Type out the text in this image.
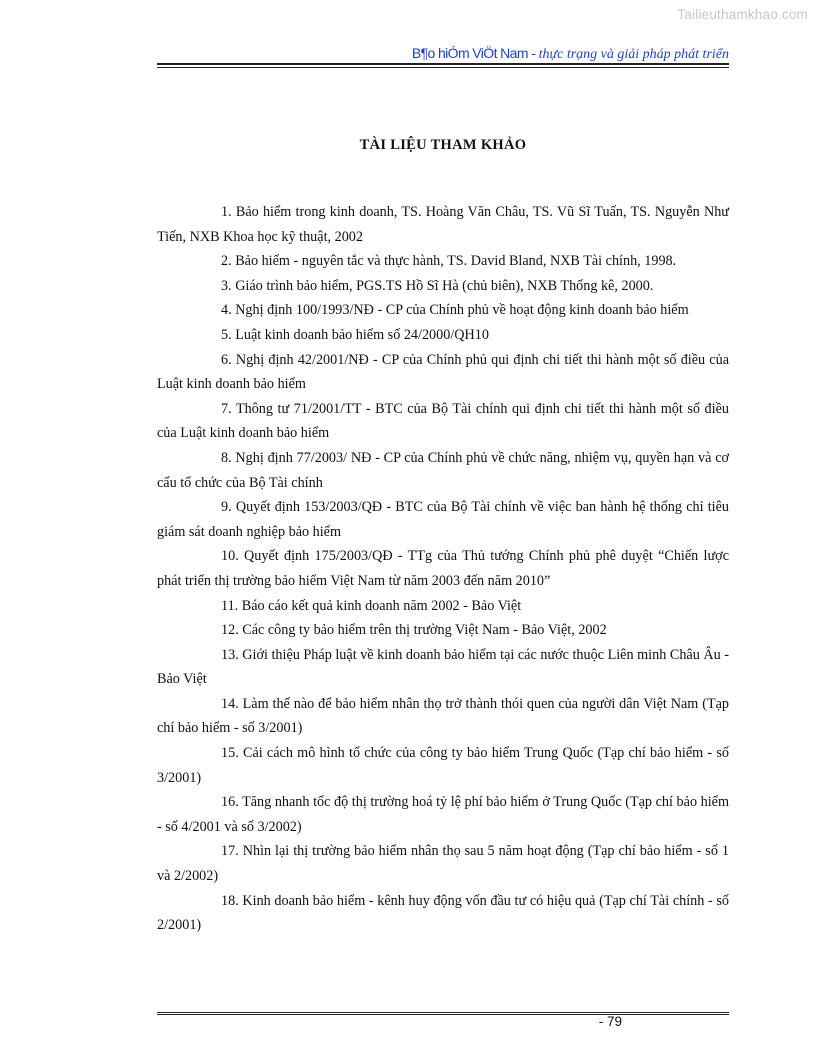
Tailieuthamkhao.com
B¶o hiÓm ViÖt Nam - thực trạng và giải pháp phát triển
TÀI LIỆU THAM KHẢO
1. Bảo hiểm trong kinh doanh, TS. Hoàng Văn Châu, TS. Vũ Sĩ Tuấn, TS. Nguyễn Như Tiến, NXB Khoa học kỹ thuật, 2002
2. Bảo hiểm - nguyên tắc và thực hành, TS. David Bland, NXB Tài chính, 1998.
3. Giáo trình bảo hiểm, PGS.TS Hồ Sĩ Hà (chủ biên), NXB Thống kê, 2000.
4. Nghị định 100/1993/NĐ - CP của Chính phủ về hoạt động kinh doanh bảo hiểm
5. Luật kinh doanh bảo hiểm số 24/2000/QH10
6. Nghị định 42/2001/NĐ - CP của Chính phủ qui định chi tiết thi hành một số điều của Luật kinh doanh bảo hiểm
7. Thông tư 71/2001/TT - BTC của Bộ Tài chính qui định chi tiết thi hành một số điều của Luật kinh doanh bảo hiểm
8. Nghị định 77/2003/ NĐ - CP của Chính phủ về chức năng, nhiệm vụ, quyền hạn và cơ cấu tổ chức của Bộ Tài chính
9. Quyết định 153/2003/QĐ - BTC của Bộ Tài chính về việc ban hành hệ thống chỉ tiêu giám sát doanh nghiệp bảo hiểm
10. Quyết định 175/2003/QĐ - TTg của Thủ tướng Chính phủ phê duyệt “Chiến lược phát triển thị trường bảo hiểm Việt Nam từ năm 2003 đến năm 2010”
11. Báo cáo kết quả kinh doanh năm 2002 - Bảo Việt
12. Các công ty bảo hiểm trên thị trường Việt Nam - Bảo Việt, 2002
13. Giới thiệu Pháp luật về kinh doanh bảo hiểm tại các nước thuộc Liên minh Châu Âu - Bảo Việt
14. Làm thế nào để bảo hiểm nhân thọ trở thành thói quen của người dân Việt Nam (Tạp chí bảo hiểm - số 3/2001)
15. Cải cách mô hình tổ chức của công ty bảo hiểm Trung Quốc (Tạp chí bảo hiểm - số 3/2001)
16. Tăng nhanh tốc độ thị trường hoá tỷ lệ phí bảo hiểm ở Trung Quốc (Tạp chí bảo hiểm - số 4/2001 và số 3/2002)
17. Nhìn lại thị trường bảo hiểm nhân thọ sau 5 năm hoạt động (Tạp chí bảo hiểm - số 1 và 2/2002)
18. Kinh doanh bảo hiểm - kênh huy động vốn đầu tư có hiệu quả (Tạp chí Tài chính - số 2/2001)
- 79
